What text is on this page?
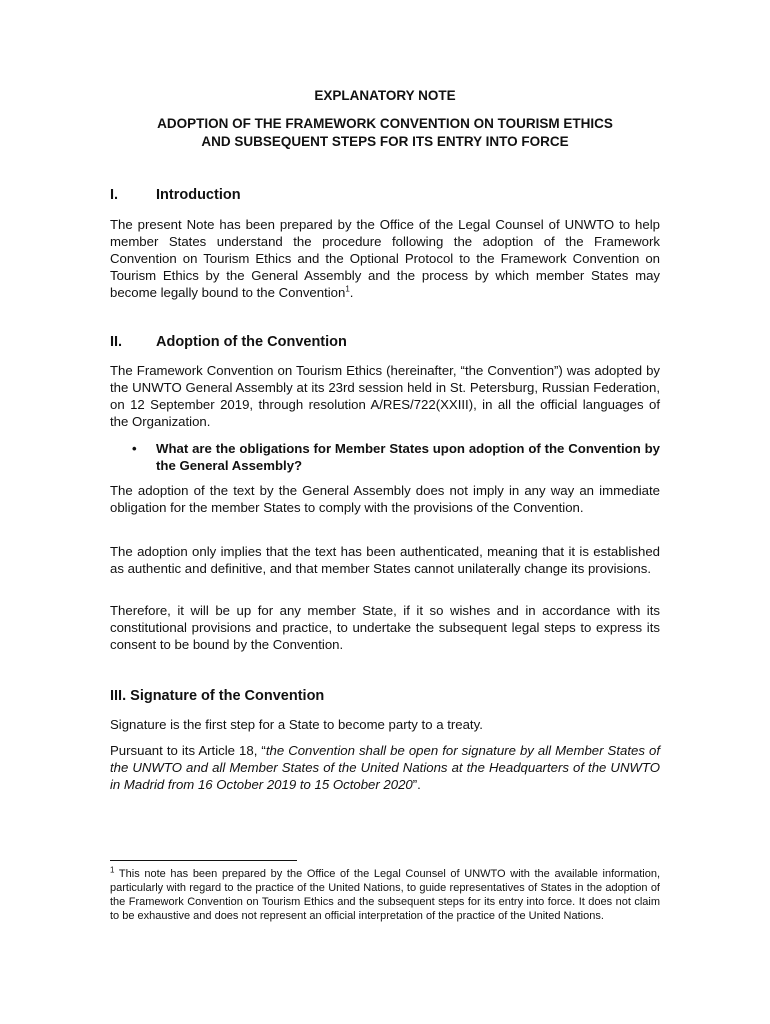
EXPLANATORY NOTE
ADOPTION OF THE FRAMEWORK CONVENTION ON TOURISM ETHICS
AND SUBSEQUENT STEPS FOR ITS ENTRY INTO FORCE
I.	Introduction

The present Note has been prepared by the Office of the Legal Counsel of UNWTO to help member States understand the procedure following the adoption of the Framework Convention on Tourism Ethics and the Optional Protocol to the Framework Convention on Tourism Ethics by the General Assembly and the process by which member States may become legally bound to the Convention$^1$.

II. Adoption of the Convention

The Framework Convention on Tourism Ethics (hereinafter, “the Convention”) was adopted by the UNWTO General Assembly at its 23rd session held in St. Petersburg, Russian Federation, on 12 September 2019, through resolution A/RES/722(XXIII), in all the official languages of the Organization.

• What are the obligations for Member States upon adoption of the Convention by the General Assembly?

The adoption of the text by the General Assembly does not imply in any way an immediate obligation for the member States to comply with the provisions of the Convention.

The adoption only implies that the text has been authenticated, meaning that it is established as authentic and definitive, and that member States cannot unilaterally change its provisions.

Therefore, it will be up for any member State, if it so wishes and in accordance with its constitutional provisions and practice, to undertake the subsequent legal steps to express its consent to be bound by the Convention.

III. Signature of the Convention

Signature is the first step for a State to become party to a treaty.

Pursuant to its Article 18, “the Convention shall be open for signature by all Member States of the UNWTO and all Member States of the United Nations at the Headquarters of the UNWTO in Madrid from 16 October 2019 to 15 October 2020”.

$^1$ This note has been prepared by the Office of the Legal Counsel of UNWTO with the available information, particularly with regard to the practice of the United Nations, to guide representatives of States in the adoption of the Framework Convention on Tourism Ethics and the subsequent steps for its entry into force. It does not claim to be exhaustive and does not represent an official interpretation of the practice of the United Nations.
